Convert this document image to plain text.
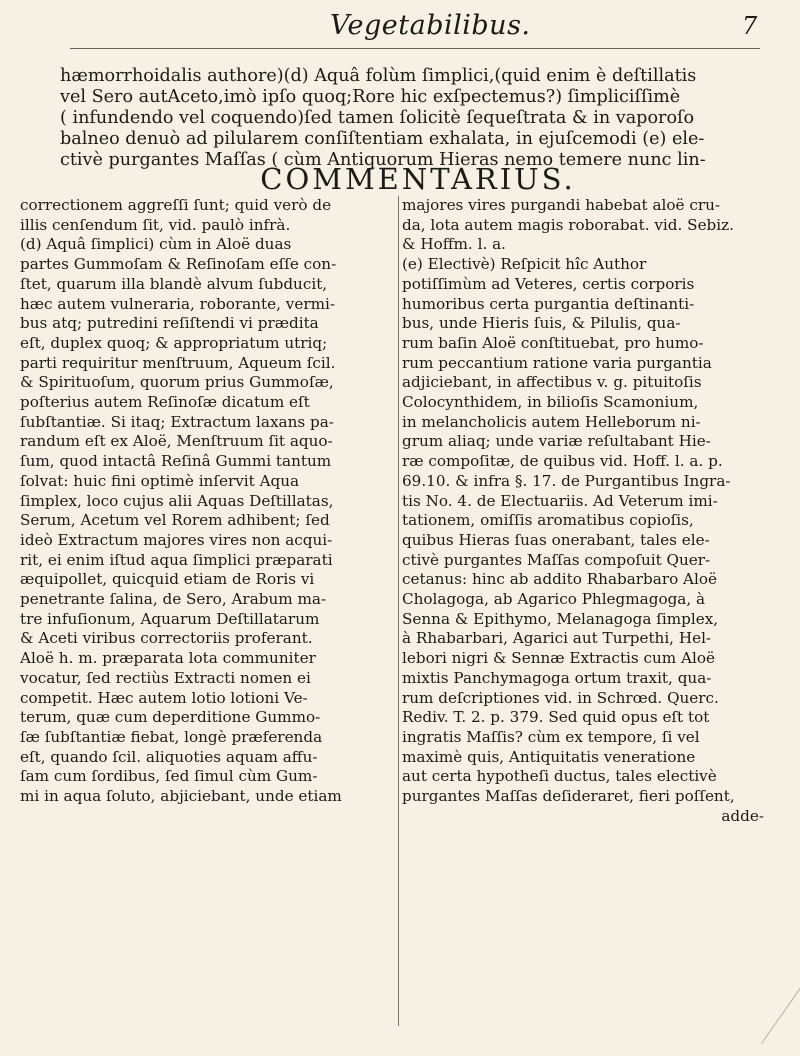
Vegetabilibus.	7
hæmorrhoidalis authore)(d) Aquâ folùm ſimplici,(quid enim è deſtillatis
vel Sero autAceto,imò ipſo quoq;Rore hic exſpectemus?) ſimpliciſſimè
( infundendo vel coquendo)ſed tamen ſolicitè ſequeſtrata & in vaporoſo
balneo denuò ad pilularem conſiſtentiam exhalata, in ejuſcemodi (e) ele-
ctivè purgantes Maſſas ( cùm Antiquorum Hieras nemo temere nunc lin-
COMMENTARIUS.
correctionem aggreſſi ſunt; quid verò de
illis cenſendum ſit, vid. paulò infrà.
(d) Aquâ ſimplici) cùm in Aloë duas
partes Gummoſam & Reſinoſam eſſe con-
ſtet, quarum illa blandè alvum ſubducit,
hæc autem vulneraria, roborante, vermi-
bus atq; putredini reſiſtendi vi prædita
eſt, duplex quoq; & appropriatum utriq;
parti requiritur menſtruum, Aqueum ſcil.
& Spirituoſum, quorum prius Gummoſæ,
poſterius autem Reſinoſæ dicatum eſt
ſubſtantiæ. Si itaq; Extractum laxans pa-
randum eſt ex Aloë, Menſtruum ſit aquo-
ſum, quod intactâ Reſinâ Gummi tantum
ſolvat: huic fini optimè inſervit Aqua
ſimplex, loco cujus alii Aquas Deſtillatas,
Serum, Acetum vel Rorem adhibent; ſed
ideò Extractum majores vires non acqui-
rit, ei enim iſtud aqua ſimplici præparati
æquipollet, quicquid etiam de Roris vi
penetrante ſalina, de Sero, Arabum ma-
tre infuſionum, Aquarum Deſtillatarum
& Aceti viribus correctoriis proferant.
Aloë h. m. præparata lota communiter
vocatur, ſed rectiùs Extracti nomen ei
competit. Hæc autem lotio lotioni Ve-
terum, quæ cum deperditione Gummo-
ſæ ſubſtantiæ fiebat, longè præferenda
eſt, quando ſcil. aliquoties aquam affu-
ſam cum ſordibus, ſed ſimul cùm Gum-
mi in aqua ſoluto, abjiciebant, unde etiam
majores vires purgandi habebat aloë cru-
da, lota autem magis roborabat. vid. Sebiz.
& Hoffm. l. a.
(e) Electivè) Reſpicit hîc Author
potiſſimùm ad Veteres, certis corporis
humoribus certa purgantia deſtinanti-
bus, unde Hieris ſuis, & Pilulis, qua-
rum baſin Aloë conſtituebat, pro humo-
rum peccantium ratione varia purgantia
adjiciebant, in affectibus v. g. pituitoſis
Colocynthidem, in bilioſis Scamonium,
in melancholicis autem Helleborum ni-
grum aliaq; unde variæ reſultabant Hie-
ræ compoſitæ, de quibus vid. Hoff. l. a. p.
69.10. & infra §. 17. de Purgantibus Ingra-
tis No. 4. de Electuariis. Ad Veterum imi-
tationem, omiſſis aromatibus copioſis,
quibus Hieras ſuas onerabant, tales ele-
ctivè purgantes Maſſas compoſuit Quer-
cetanus: hinc ab addito Rhabarbaro Aloë
Cholagoga, ab Agarico Phlegmagoga, à
Senna & Epithymo, Melanagoga ſimplex,
à Rhabarbari, Agarici aut Turpethi, Hel-
lebori nigri & Sennæ Extractis cum Aloë
mixtis Panchymagoga ortum traxit, qua-
rum deſcriptiones vid. in Schrœd. Querc.
Rediv. T. 2. p. 379. Sed quid opus eſt tot
ingratis Maſſis? cùm ex tempore, ſi vel
maximè quis, Antiquitatis veneratione
aut certa hypotheſi ductus, tales electivè
purgantes Maſſas deſideraret, fieri poſſent,
adde-
